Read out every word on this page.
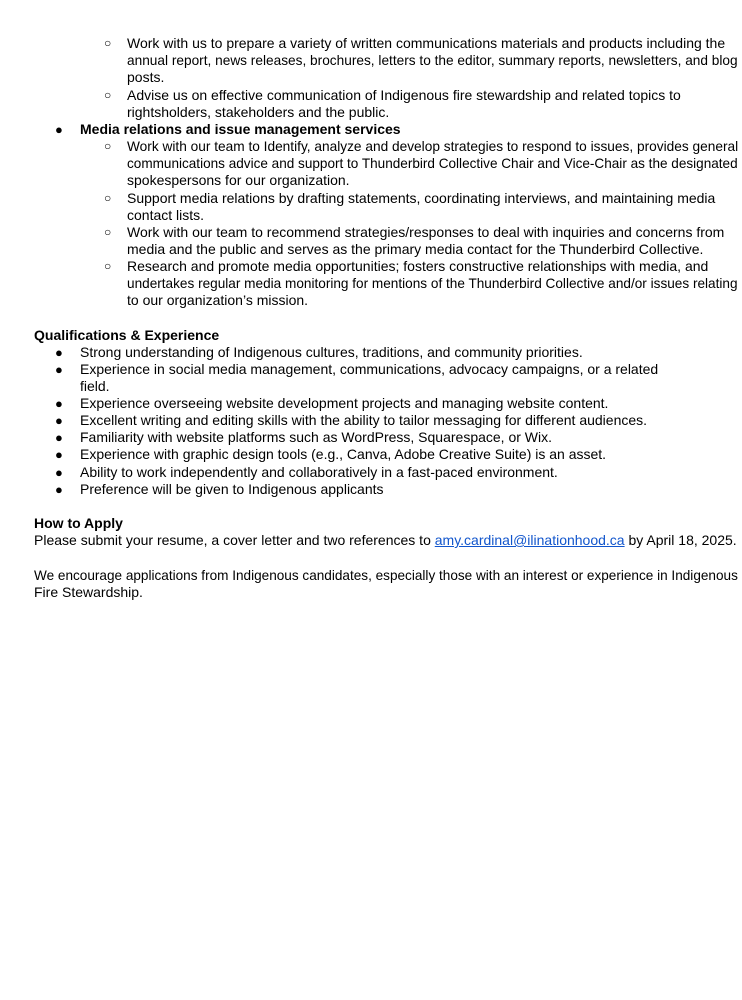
○ Work with us to prepare a variety of written communications materials and products including the
annual report, news releases, brochures, letters to the editor, summary reports, newsletters, and blog
posts.
○ Advise us on effective communication of Indigenous fire stewardship and related topics to
rightsholders, stakeholders and the public.
● Media relations and issue management services
○ Work with our team to Identify, analyze and develop strategies to respond to issues, provides general
communications advice and support to Thunderbird Collective Chair and Vice-Chair as the designated
spokespersons for our organization.
○ Support media relations by drafting statements, coordinating interviews, and maintaining media
contact lists.
○ Work with our team to recommend strategies/responses to deal with inquiries and concerns from
media and the public and serves as the primary media contact for the Thunderbird Collective.
○ Research and promote media opportunities; fosters constructive relationships with media, and
undertakes regular media monitoring for mentions of the Thunderbird Collective and/or issues relating
to our organization’s mission.
Qualifications & Experience
● Strong understanding of Indigenous cultures, traditions, and community priorities.
● Experience in social media management, communications, advocacy campaigns, or a related
field.
● Experience overseeing website development projects and managing website content.
● Excellent writing and editing skills with the ability to tailor messaging for different audiences.
● Familiarity with website platforms such as WordPress, Squarespace, or Wix.
● Experience with graphic design tools (e.g., Canva, Adobe Creative Suite) is an asset.
● Ability to work independently and collaboratively in a fast-paced environment.
● Preference will be given to Indigenous applicants
How to Apply
Please submit your resume, a cover letter and two references to amy.cardinal@ilinationhood.ca by April 18, 2025.
We encourage applications from Indigenous candidates, especially those with an interest or experience in Indigenous
Fire Stewardship.
